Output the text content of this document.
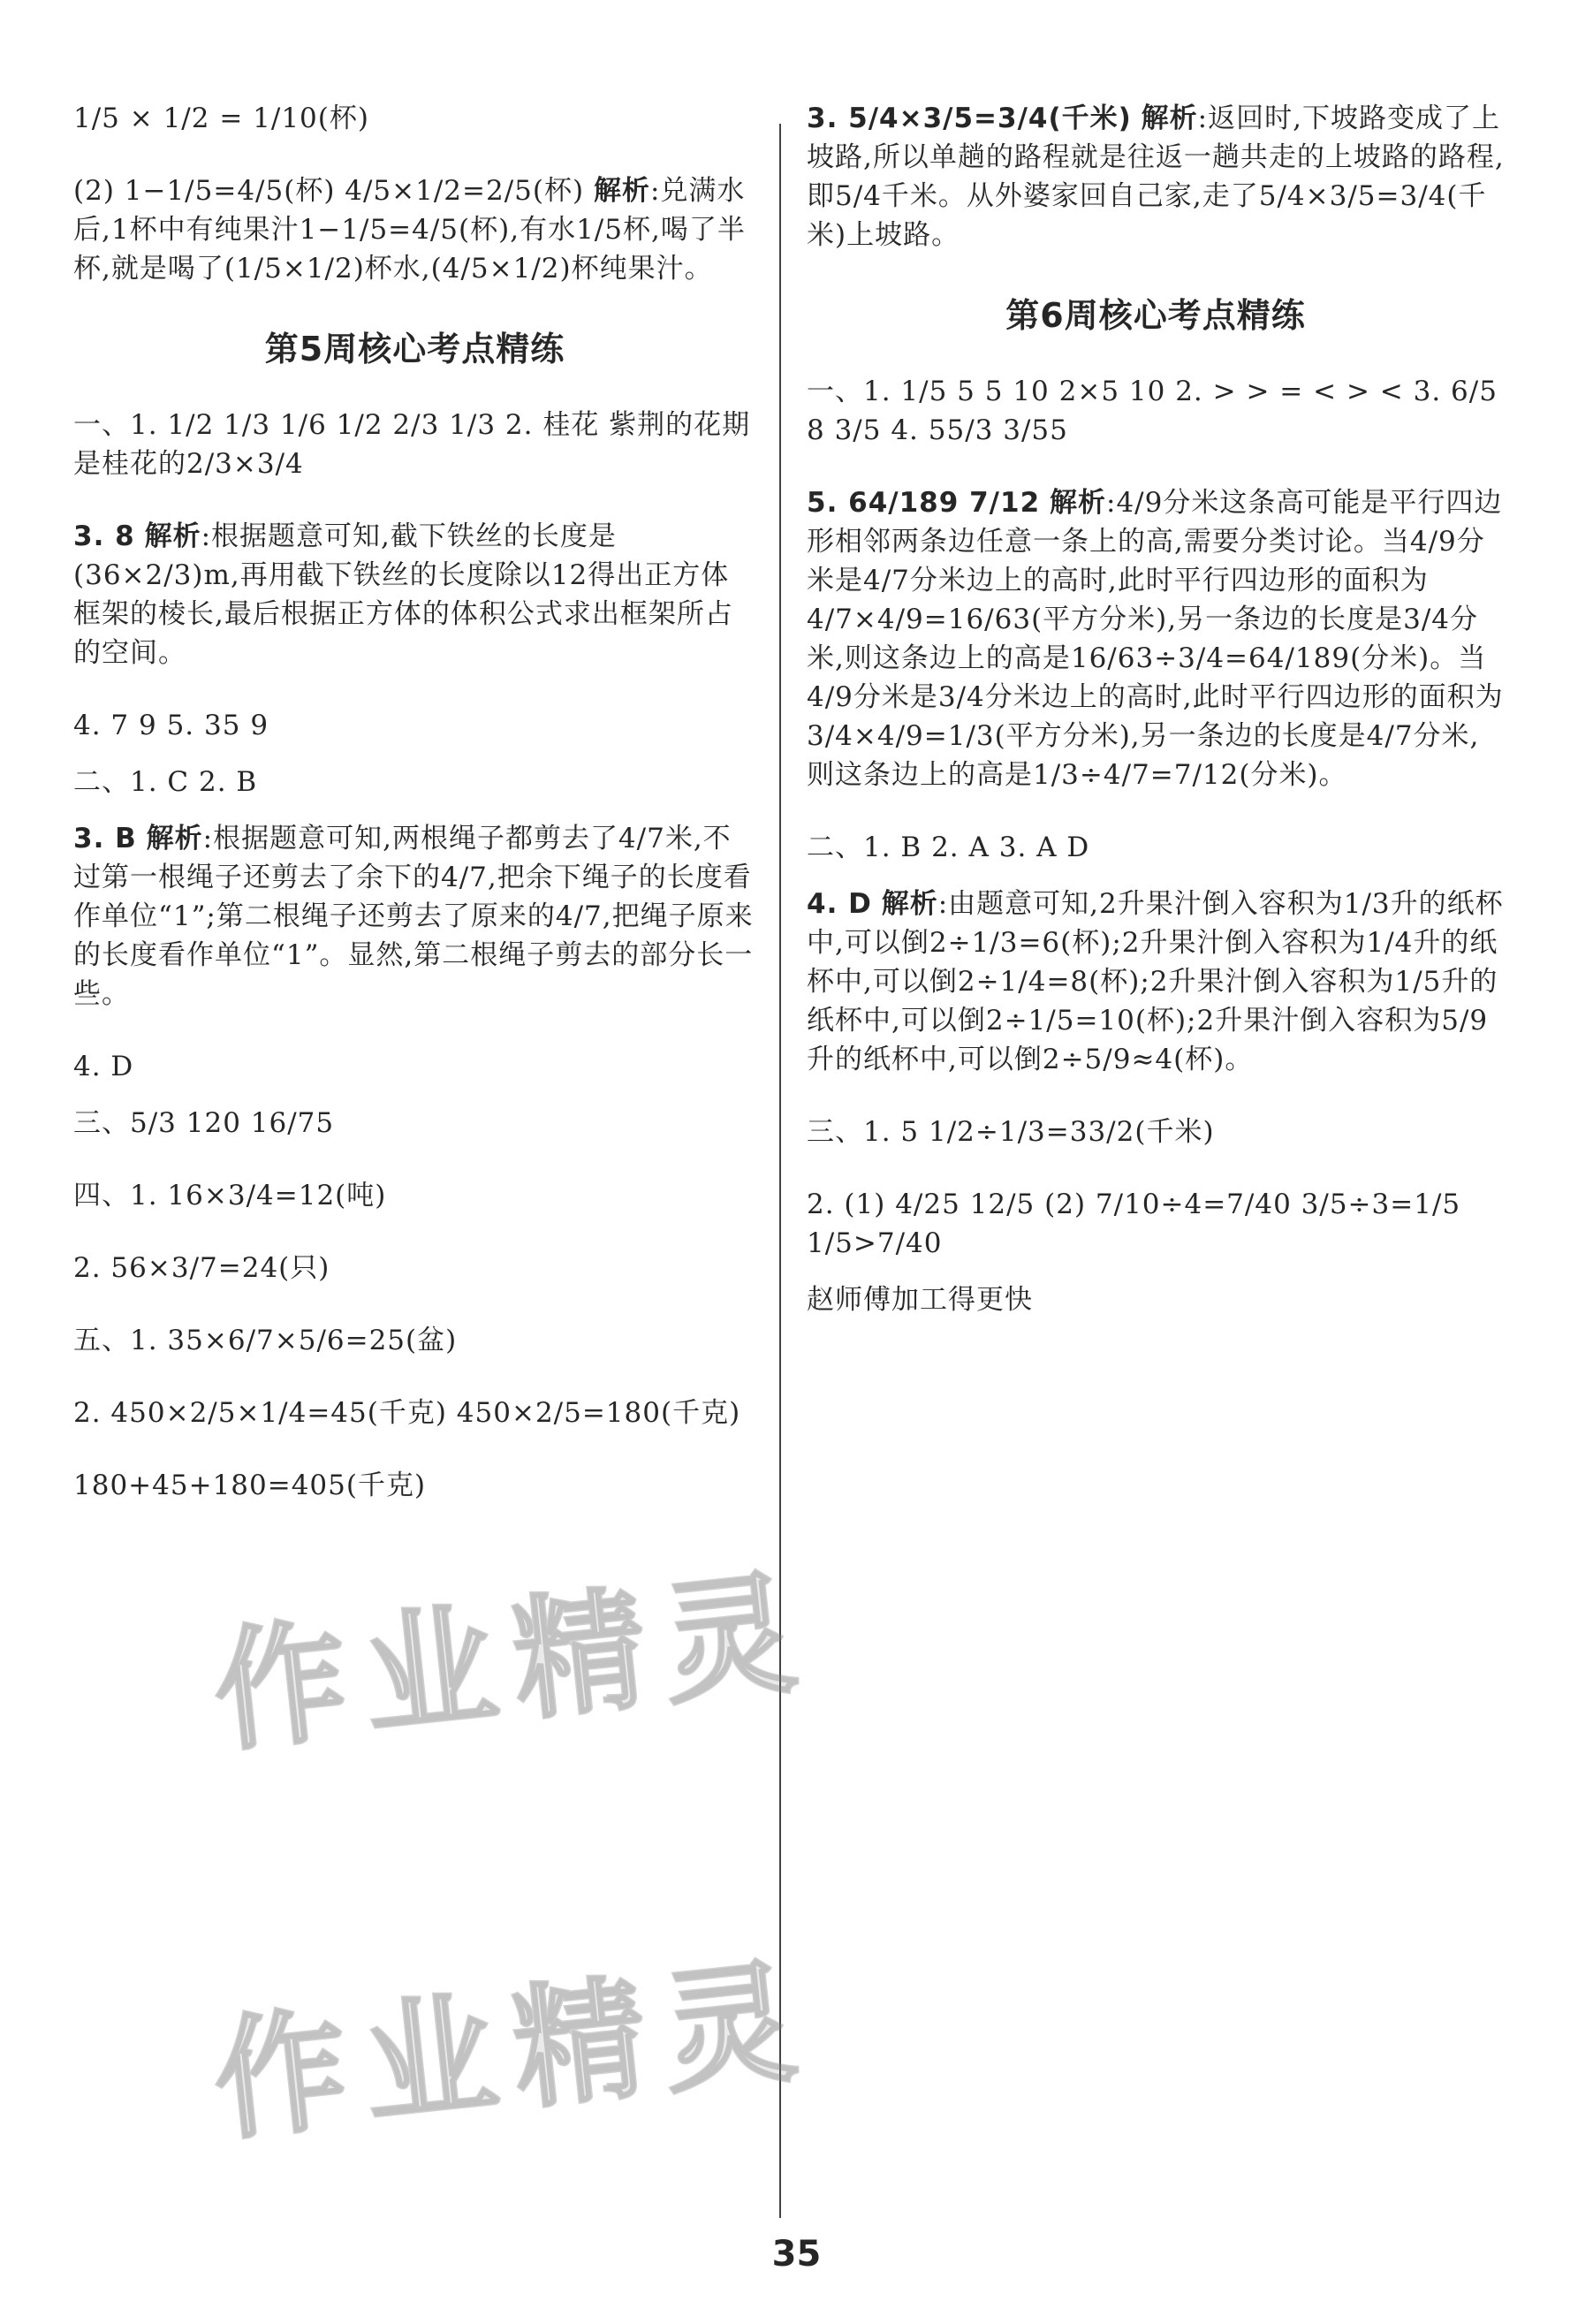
1/5 × 1/2 = 1/10(杯)

(2) 1−1/5=4/5(杯) 4/5×1/2=2/5(杯) 解析:兑满水后,1杯中有纯果汁1−1/5=4/5(杯),有水1/5杯,喝了半杯,就是喝了(1/5×1/2)杯水,(4/5×1/2)杯纯果汁。

第5周核心考点精练

一、1. 1/2 1/3 1/6 1/2 2/3 1/3 2. 桂花 紫荆的花期是桂花的2/3×3/4

3. 8 解析:根据题意可知,截下铁丝的长度是(36×2/3)m,再用截下铁丝的长度除以12得出正方体框架的棱长,最后根据正方体的体积公式求出框架所占的空间。

4. 7 9 5. 35 9

二、1. C 2. B

3. B 解析:根据题意可知,两根绳子都剪去了4/7米,不过第一根绳子还剪去了余下的4/7,把余下绳子的长度看作单位“1”;第二根绳子还剪去了原来的4/7,把绳子原来的长度看作单位“1”。显然,第二根绳子剪去的部分长一些。

4. D

三、5/3 120 16/75

四、1. 16×3/4=12(吨)

2. 56×3/7=24(只)

五、1. 35×6/7×5/6=25(盆)

2. 450×2/5×1/4=45(千克) 450×2/5=180(千克)

180+45+180=405(千克)

3. 5/4×3/5=3/4(千米) 解析:返回时,下坡路变成了上坡路,所以单趟的路程就是往返一趟共走的上坡路的路程,即5/4千米。从外婆家回自己家,走了5/4×3/5=3/4(千米)上坡路。

第6周核心考点精练

一、1. 1/5 5 5 10 2×5 10 2. > > = < > < 3. 6/5 8 3/5 4. 55/3 3/55

5. 64/189 7/12 解析:4/9分米这条高可能是平行四边形相邻两条边任意一条上的高,需要分类讨论。当4/9分米是4/7分米边上的高时,此时平行四边形的面积为4/7×4/9=16/63(平方分米),另一条边的长度是3/4分米,则这条边上的高是16/63÷3/4=64/189(分米)。当4/9分米是3/4分米边上的高时,此时平行四边形的面积为3/4×4/9=1/3(平方分米),另一条边的长度是4/7分米,则这条边上的高是1/3÷4/7=7/12(分米)。

二、1. B 2. A 3. A D

4. D 解析:由题意可知,2升果汁倒入容积为1/3升的纸杯中,可以倒2÷1/3=6(杯);2升果汁倒入容积为1/4升的纸杯中,可以倒2÷1/4=8(杯);2升果汁倒入容积为1/5升的纸杯中,可以倒2÷1/5=10(杯);2升果汁倒入容积为5/9升的纸杯中,可以倒2÷5/9≈4(杯)。

三、1. 5 1/2÷1/3=33/2(千米)

2. (1) 4/25 12/5 (2) 7/10÷4=7/40 3/5÷3=1/5 1/5>7/40

赵师傅加工得更快

作业精灵
作业精灵
35
